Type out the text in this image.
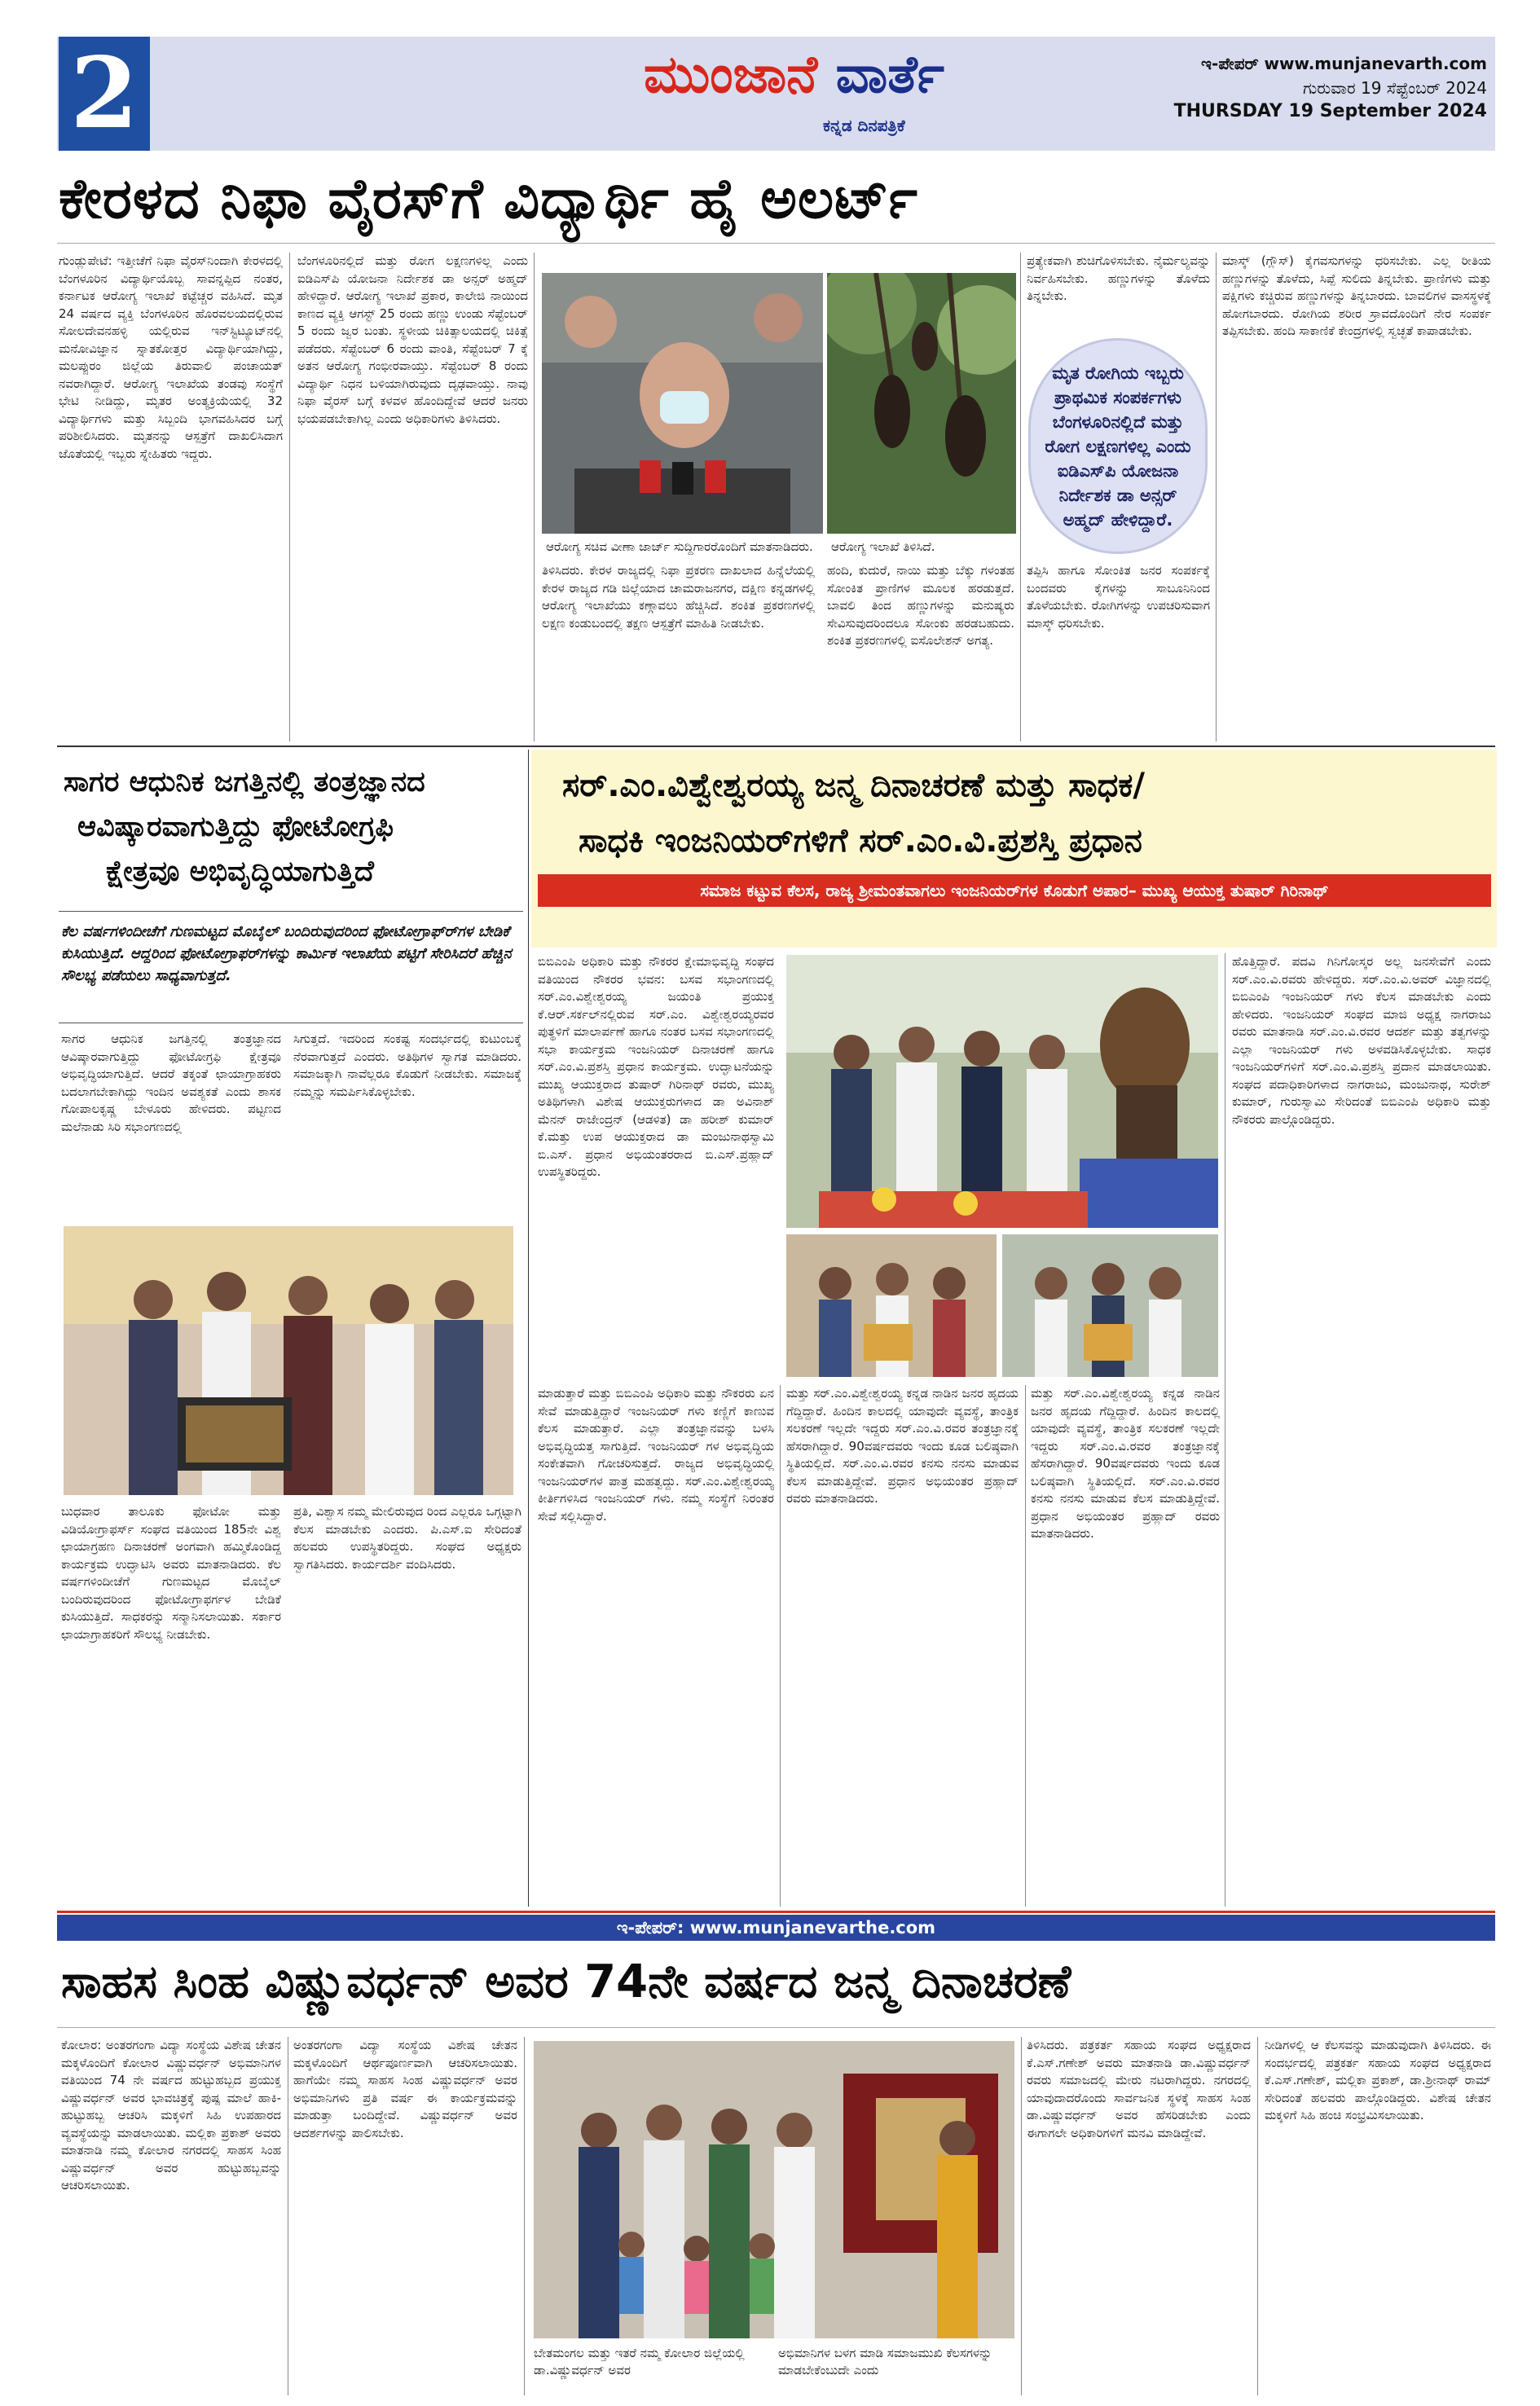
2	ಮುಂಜಾನೆ ವಾರ್ತೆ
ಕನ್ನಡ ದಿನಪತ್ರಿಕೆ
ಇ-ಪೇಪರ್ www.munjanevarth.com
ಗುರುವಾರ 19 ಸೆಪ್ಟೆಂಬರ್ 2024
THURSDAY 19 September 2024
ಕೇರಳದ ನಿಫಾ ವೈರಸ್‌ಗೆ ವಿದ್ಯಾರ್ಥಿ ಹೈ ಅಲರ್ಟ್
ಗುಂಡ್ಲುಪೇಟೆ: ಇತ್ತೀಚೆಗೆ ನಿಫಾ ವೈರಸ್‌ನಿಂದಾಗಿ ಕೇರಳದಲ್ಲಿ ಬೆಂಗಳೂರಿನ ವಿದ್ಯಾರ್ಥಿಯೊಬ್ಬ ಸಾವನ್ನಪ್ಪಿದ ನಂತರ, ಕರ್ನಾಟಕ ಆರೋಗ್ಯ ಇಲಾಖೆ ಕಟ್ಟೆಚ್ಚರ ವಹಿಸಿದೆ. ಮೃತ 24 ವರ್ಷದ ವ್ಯಕ್ತಿ ಬೆಂಗಳೂರಿನ ಹೊರವಲಯದಲ್ಲಿರುವ ಸೋಲದೇವನಹಳ್ಳಿ ಯಲ್ಲಿರುವ ಇನ್‌ಸ್ಟಿಟ್ಯೂಟ್‌ನಲ್ಲಿ ಮನೋವಿಜ್ಞಾನ ಸ್ನಾತಕೋತ್ತರ ವಿದ್ಯಾರ್ಥಿಯಾಗಿದ್ದು, ಮಲಪ್ಪುರಂ ಜಿಲ್ಲೆಯ ತಿರುವಾಲಿ ಪಂಚಾಯತ್ ನವರಾಗಿದ್ದಾರೆ. ಆರೋಗ್ಯ ಇಲಾಖೆಯ ತಂಡವು ಸಂಸ್ಥೆಗೆ ಭೇಟಿ ನೀಡಿದ್ದು, ಮೃತರ ಅಂತ್ಯಕ್ರಿಯೆಯಲ್ಲಿ 32 ವಿದ್ಯಾರ್ಥಿಗಳು ಮತ್ತು ಸಿಬ್ಬಂದಿ ಭಾಗವಹಿಸಿದರ ಬಗ್ಗೆ ಪರಿಶೀಲಿಸಿದರು. ಮೃತನನ್ನು ಆಸ್ಪತ್ರೆಗೆ ದಾಖಲಿಸಿದಾಗ ಜೊತೆಯಲ್ಲಿ ಇಬ್ಬರು ಸ್ನೇಹಿತರು ಇದ್ದರು.
ಬೆಂಗಳೂರಿನಲ್ಲಿದೆ ಮತ್ತು ರೋಗ ಲಕ್ಷಣಗಳಿಲ್ಲ ಎಂದು ಐಡಿಎಸ್‌ಪಿ ಯೋಜನಾ ನಿರ್ದೇಶಕ ಡಾ ಅನ್ಸರ್ ಅಹ್ಮದ್ ಹೇಳಿದ್ದಾರೆ. ಆರೋಗ್ಯ ಇಲಾಖೆ ಪ್ರಕಾರ, ಕಾಲೇಜಿ ನಾಯಿಂದ ಕಾಣದ ವ್ಯಕ್ತಿ ಆಗಸ್ಟ್ 25 ರಂದು ಹಣ್ಣು ಉಂಡು ಸೆಪ್ಟೆಂಬರ್ 5 ರಂದು ಜ್ವರ ಬಂತು. ಸ್ಥಳೀಯ ಚಿಕಿತ್ಸಾಲಯದಲ್ಲಿ ಚಿಕಿತ್ಸೆ ಪಡೆದರು. ಸೆಪ್ಟೆಂಬರ್ 6 ರಂದು ವಾಂತಿ, ಸೆಪ್ಟೆಂಬರ್ 7 ಕ್ಕೆ ಅತನ ಆರೋಗ್ಯ ಗಂಭೀರವಾಯ್ತು. ಸೆಪ್ಟೆಂಬರ್ 8 ರಂದು ವಿದ್ಯಾರ್ಥಿ ನಿಧನ ಬಳಿಯಾಗಿರುವುದು ದೃಢವಾಯ್ತು. ನಾವು ನಿಫಾ ವೈರಸ್ ಬಗ್ಗೆ ಕಳವಳ ಹೊಂದಿದ್ದೇವೆ ಆದರೆ ಜನರು ಭಯಪಡಬೇಕಾಗಿಲ್ಲ ಎಂದು ಅಧಿಕಾರಿಗಳು ತಿಳಿಸಿದರು.
ಆರೋಗ್ಯ ಸಚಿವ ವೀಣಾ ಜಾರ್ಜ್ ಸುದ್ದಿಗಾರರೊಂದಿಗೆ ಮಾತನಾಡಿದರು. ಆರೋಗ್ಯ ಇಲಾಖೆ ತಿಳಿಸಿದೆ.
ತಿಳಿಸಿದರು. ಕೇರಳ ರಾಜ್ಯದಲ್ಲಿ ನಿಫಾ ಪ್ರಕರಣ ದಾಖಲಾದ ಹಿನ್ನೆಲೆಯಲ್ಲಿ ಕೇರಳ ರಾಜ್ಯದ ಗಡಿ ಜಿಲ್ಲೆಯಾದ ಚಾಮರಾಜನಗರ, ದಕ್ಷಿಣ ಕನ್ನಡಗಳಲ್ಲಿ ಆರೋಗ್ಯ ಇಲಾಖೆಯು ಕಣ್ಗಾವಲು ಹೆಚ್ಚಿಸಿದೆ. ಶಂಕಿತ ಪ್ರಕರಣಗಳಲ್ಲಿ ಲಕ್ಷಣ ಕಂಡುಬಂದಲ್ಲಿ ತಕ್ಷಣ ಆಸ್ಪತ್ರೆಗೆ ಮಾಹಿತಿ ನೀಡಬೇಕು.
ಹಂದಿ, ಕುದುರೆ, ನಾಯಿ ಮತ್ತು ಬೆಕ್ಕು ಗಳಂತಹ ಸೋಂಕಿತ ಪ್ರಾಣಿಗಳ ಮೂಲಕ ಹರಡುತ್ತದೆ. ಬಾವಲಿ ತಿಂದ ಹಣ್ಣುಗಳನ್ನು ಮನುಷ್ಯರು ಸೇವಿಸುವುದರಿಂದಲೂ ಸೋಂಕು ಹರಡಬಹುದು. ಶಂಕಿತ ಪ್ರಕರಣಗಳಲ್ಲಿ ಐಸೊಲೇಶನ್ ಅಗತ್ಯ.
ಪ್ರತ್ಯೇಕವಾಗಿ ಶುಚಿಗೊಳಿಸಬೇಕು. ನೈರ್ಮಲ್ಯವನ್ನು ನಿರ್ವಹಿಸಬೇಕು. ಹಣ್ಣುಗಳನ್ನು ತೊಳೆದು ತಿನ್ನಬೇಕು.
ಮೃತ ರೋಗಿಯ ಇಬ್ಬರು ಪ್ರಾಥಮಿಕ ಸಂಪರ್ಕಗಳು ಬೆಂಗಳೂರಿನಲ್ಲಿದೆ ಮತ್ತು ರೋಗ ಲಕ್ಷಣಗಳಿಲ್ಲ ಎಂದು ಐಡಿಎಸ್‌ಪಿ ಯೋಜನಾ ನಿರ್ದೇಶಕ ಡಾ ಅನ್ಸರ್ ಅಹ್ಮದ್ ಹೇಳಿದ್ದಾರೆ.
ತಪ್ಪಿಸಿ ಹಾಗೂ ಸೋಂಕಿತ ಜನರ ಸಂಪರ್ಕಕ್ಕೆ ಬಂದವರು ಕೈಗಳನ್ನು ಸಾಬೂನಿನಿಂದ ತೊಳೆಯಬೇಕು. ರೋಗಿಗಳನ್ನು ಉಪಚರಿಸುವಾಗ ಮಾಸ್ಕ್ ಧರಿಸಬೇಕು.
ಮಾಸ್ಕ್ (ಗ್ಲೌಸ್) ಕೈಗವಸುಗಳನ್ನು ಧರಿಸಬೇಕು. ಎಲ್ಲ ರೀತಿಯ ಹಣ್ಣುಗಳನ್ನು ತೊಳೆದು, ಸಿಪ್ಪೆ ಸುಲಿದು ತಿನ್ನಬೇಕು. ಪ್ರಾಣಿಗಳು ಮತ್ತು ಪಕ್ಷಿಗಳು ಕಚ್ಚಿರುವ ಹಣ್ಣುಗಳನ್ನು ತಿನ್ನಬಾರದು. ಬಾವಲಿಗಳ ವಾಸಸ್ಥಳಕ್ಕೆ ಹೋಗಬಾರದು. ರೋಗಿಯ ಶರೀರ ಸ್ರಾವದೊಂದಿಗೆ ನೇರ ಸಂಪರ್ಕ ತಪ್ಪಿಸಬೇಕು. ಹಂದಿ ಸಾಕಾಣಿಕೆ ಕೇಂದ್ರಗಳಲ್ಲಿ ಸ್ವಚ್ಛತೆ ಕಾಪಾಡಬೇಕು.
ಸಾಗರ ಆಧುನಿಕ ಜಗತ್ತಿನಲ್ಲಿ ತಂತ್ರಜ್ಞಾನದ
ಆವಿಷ್ಕಾರವಾಗುತ್ತಿದ್ದು ಫೋಟೋಗ್ರಫಿ
ಕ್ಷೇತ್ರವೂ ಅಭಿವೃದ್ಧಿಯಾಗುತ್ತಿದೆ
ಕೆಲ ವರ್ಷಗಳಿಂದೀಚೆಗೆ ಗುಣಮಟ್ಟದ ಮೊಬೈಲ್ ಬಂದಿರುವುದರಿಂದ ಫೋಟೋಗ್ರಾಫ್‌ರ್‌ಗಳ ಬೇಡಿಕೆ ಕುಸಿಯುತ್ತಿದೆ. ಆದ್ದರಿಂದ ಫೋಟೋಗ್ರಾಫರ್‌ಗಳನ್ನು ಕಾರ್ಮಿಕ ಇಲಾಖೆಯ ಪಟ್ಟಿಗೆ ಸೇರಿಸಿದರೆ ಹೆಚ್ಚಿನ ಸೌಲಭ್ಯ ಪಡೆಯಲು ಸಾಧ್ಯವಾಗುತ್ತದೆ.
ಸಾಗರ ಆಧುನಿಕ ಜಗತ್ತಿನಲ್ಲಿ ತಂತ್ರಜ್ಞಾನದ ಆವಿಷ್ಕಾರವಾಗುತ್ತಿದ್ದು ಫೋಟೋಗ್ರಫಿ ಕ್ಷೇತ್ರವೂ ಅಭಿವೃದ್ಧಿಯಾಗುತ್ತಿದೆ. ಆದರೆ ತಕ್ಕಂತೆ ಛಾಯಾಗ್ರಾಹಕರು ಬದಲಾಗಬೇಕಾಗಿದ್ದು ಇಂದಿನ ಅವಶ್ಯಕತೆ ಎಂದು ಶಾಸಕ ಗೋಪಾಲಕೃಷ್ಣ ಬೇಳೂರು ಹೇಳಿದರು. ಪಟ್ಟಣದ ಮಲೆನಾಡು ಸಿರಿ ಸಭಾಂಗಣದಲ್ಲಿ
ಸಿಗುತ್ತದೆ. ಇದರಿಂದ ಸಂಕಷ್ಟ ಸಂದರ್ಭದಲ್ಲಿ ಕುಟುಂಬಕ್ಕೆ ನೆರವಾಗುತ್ತದೆ ಎಂದರು. ಅತಿಥಿಗಳ ಸ್ವಾಗತ ಮಾಡಿದರು. ಸಮಾಜಕ್ಕಾಗಿ ನಾವೆಲ್ಲರೂ ಕೊಡುಗೆ ನೀಡಬೇಕು. ಸಮಾಜಕ್ಕೆ ನಮ್ಮನ್ನು ಸಮರ್ಪಿಸಿಕೊಳ್ಳಬೇಕು.
ಬುಧವಾರ ತಾಲೂಕು ಫೋಟೋ ಮತ್ತು ವಿಡಿಯೋಗ್ರಾಫರ್ಸ್ ಸಂಘದ ವತಿಯಿಂದ 185ನೇ ವಿಶ್ವ ಛಾಯಾಗ್ರಹಣ ದಿನಾಚರಣೆ ಅಂಗವಾಗಿ ಹಮ್ಮಿಕೊಂಡಿದ್ದ ಕಾರ್ಯಕ್ರಮ ಉದ್ಘಾಟಿಸಿ ಅವರು ಮಾತನಾಡಿದರು. ಕೆಲ ವರ್ಷಗಳಿಂದೀಚೆಗೆ ಗುಣಮಟ್ಟದ ಮೊಬೈಲ್ ಬಂದಿರುವುದರಿಂದ ಫೋಟೋಗ್ರಾಫರ್ಗಳ ಬೇಡಿಕೆ ಕುಸಿಯುತ್ತಿದೆ. ಸಾಧಕರನ್ನು ಸನ್ಮಾನಿಸಲಾಯಿತು. ಸರ್ಕಾರ ಛಾಯಾಗ್ರಾಹಕರಿಗೆ ಸೌಲಭ್ಯ ನೀಡಬೇಕು.
ಪ್ರತಿ, ವಿಶ್ವಾಸ ನಮ್ಮ ಮೇಲಿರುವುದ ರಿಂದ ಎಲ್ಲರೂ ಒಗ್ಗಟ್ಟಾಗಿ ಕೆಲಸ ಮಾಡಬೇಕು ಎಂದರು. ಪಿ.ಎಸ್.ಐ ಸೇರಿದಂತೆ ಹಲವರು ಉಪಸ್ಥಿತರಿದ್ದರು. ಸಂಘದ ಅಧ್ಯಕ್ಷರು ಸ್ವಾಗತಿಸಿದರು. ಕಾರ್ಯದರ್ಶಿ ವಂದಿಸಿದರು.
ಸರ್.ಎಂ.ವಿಶ್ವೇಶ್ವರಯ್ಯ ಜನ್ಮ ದಿನಾಚರಣೆ ಮತ್ತು ಸಾಧಕ/
ಸಾಧಕಿ ಇಂಜನಿಯರ್‌ಗಳಿಗೆ ಸರ್.ಎಂ.ವಿ.ಪ್ರಶಸ್ತಿ ಪ್ರಧಾನ
ಸಮಾಜ ಕಟ್ಟುವ ಕೆಲಸ, ರಾಜ್ಯ ಶ್ರೀಮಂತವಾಗಲು ಇಂಜನಿಯರ್‌ಗಳ ಕೊಡುಗೆ ಅಪಾರ– ಮುಖ್ಯ ಆಯುಕ್ತ ತುಷಾರ್ ಗಿರಿನಾಥ್
ಬಿಬಿಎಂಪಿ ಅಧಿಕಾರಿ ಮತ್ತು ನೌಕರರ ಕ್ಷೇಮಾಭಿವೃದ್ಧಿ ಸಂಘದ ವತಿಯಿಂದ ನೌಕರರ ಭವನ: ಬಸವ ಸಭಾಂಗಣದಲ್ಲಿ ಸರ್.ಎಂ.ವಿಶ್ವೇಶ್ವರಯ್ಯ ಜಯಂತಿ ಪ್ರಯುಕ್ತ ಕೆ.ಆರ್.ಸರ್ಕಲ್‌ನಲ್ಲಿರುವ ಸರ್.ಎಂ. ವಿಶ್ವೇಶ್ವರಯ್ಯರವರ ಪುತ್ಥಳಿಗೆ ಮಾಲಾರ್ಪಣೆ ಹಾಗೂ ನಂತರ ಬಸವ ಸಭಾಂಗಣದಲ್ಲಿ ಸಭಾ ಕಾರ್ಯಕ್ರಮ ಇಂಜನಿಯರ್ ದಿನಾಚರಣೆ ಹಾಗೂ ಸರ್.ಎಂ.ವಿ.ಪ್ರಶಸ್ತಿ ಪ್ರಧಾನ ಕಾರ್ಯಕ್ರಮ. ಉದ್ಘಾಟನೆಯನ್ನು ಮುಖ್ಯ ಆಯುಕ್ತರಾದ ತುಷಾರ್ ಗಿರಿನಾಥ್ ರವರು, ಮುಖ್ಯ ಅತಿಥಿಗಳಾಗಿ ವಿಶೇಷ ಆಯುಕ್ತರುಗಳಾದ ಡಾ ಅವಿನಾಶ್ ಮೆನನ್ ರಾಜೇಂದ್ರನ್ (ಆಡಳಿತ) ಡಾ ಹರೀಶ್ ಕುಮಾರ್ ಕೆ.ಮತ್ತು ಉಪ ಆಯುಕ್ತರಾದ ಡಾ ಮಂಜುನಾಥಸ್ವಾಮಿ ಬಿ.ಎಸ್. ಪ್ರಧಾನ ಅಭಿಯಂತರರಾದ ಬಿ.ಎಸ್.ಪ್ರಹ್ಲಾದ್ ಉಪಸ್ಥಿತರಿದ್ದರು.
ಮಾಡುತ್ತಾರೆ ಮತ್ತು ಬಿಬಿಎಂಪಿ ಅಧಿಕಾರಿ ಮತ್ತು ನೌಕರರು ಏನ ಸೇವೆ ಮಾಡುತ್ತಿದ್ದಾರೆ ಇಂಜನಿಯರ್ ಗಳು ಕಣ್ಣಿಗೆ ಕಾಣುವ ಕೆಲಸ ಮಾಡುತ್ತಾರೆ. ಎಲ್ಲಾ ತಂತ್ರಜ್ಞಾನವನ್ನು ಬಳಸಿ ಅಭಿವೃದ್ಧಿಯತ್ತ ಸಾಗುತ್ತಿದೆ. ಇಂಜನಿಯರ್ ಗಳ ಅಭಿವೃದ್ಧಿಯ ಸಂಕೇತವಾಗಿ ಗೋಚರಿಸುತ್ತದೆ. ರಾಜ್ಯದ ಅಭಿವೃದ್ಧಿಯಲ್ಲಿ ಇಂಜನಿಯರ್‌ಗಳ ಪಾತ್ರ ಮಹತ್ವದ್ದು. ಸರ್.ಎಂ.ವಿಶ್ವೇಶ್ವರಯ್ಯ ಕೀರ್ತಿಗಳಿಸಿದ ಇಂಜನಿಯರ್ ಗಳು. ನಮ್ಮ ಸಂಸ್ಥೆಗೆ ನಿರಂತರ ಸೇವೆ ಸಲ್ಲಿಸಿದ್ದಾರೆ.
ಮತ್ತು ಸರ್.ಎಂ.ವಿಶ್ವೇಶ್ವರಯ್ಯ ಕನ್ನಡ ನಾಡಿನ ಜನರ ಹೃದಯ ಗೆದ್ದಿದ್ದಾರೆ. ಹಿಂದಿನ ಕಾಲದಲ್ಲಿ ಯಾವುದೇ ವ್ಯವಸ್ಥೆ, ತಾಂತ್ರಿಕ ಸಲಕರಣೆ ಇಲ್ಲದೇ ಇದ್ದರು ಸರ್.ಎಂ.ವಿ.ರವರ ತಂತ್ರಜ್ಞಾನಕ್ಕೆ ಹೆಸರಾಗಿದ್ದಾರೆ. 90ವರ್ಷದವರು ಇಂದು ಕೂಡ ಬಲಿಷ್ಠವಾಗಿ ಸ್ಥಿತಿಯಲ್ಲಿದೆ. ಸರ್.ಎಂ.ವಿ.ರವರ ಕನಸು ನನಸು ಮಾಡುವ ಕೆಲಸ ಮಾಡುತ್ತಿದ್ದೇವೆ. ಪ್ರಧಾನ ಅಭಿಯಂತರ ಪ್ರಹ್ಲಾದ್ ರವರು ಮಾತನಾಡಿದರು.
ಹೊತ್ತಿದ್ದಾರೆ. ಪದವಿ ಗಿನಿಗೋಸ್ಕರ ಅಲ್ಲ ಜನಸೇವೆಗೆ ಎಂದು ಸರ್.ಎಂ.ವಿ.ರವರು ಹೇಳಿದ್ದರು. ಸರ್.ಎಂ.ವಿ.ಅವರ್ ವಿಜ್ಞಾನದಲ್ಲಿ ಬಿಬಿಎಂಪಿ ಇಂಜನಿಯರ್ ಗಳು ಕೆಲಸ ಮಾಡಬೇಕು ಎಂದು ಹೇಳಿದರು. ಇಂಜನಿಯರ್ ಸಂಘದ ಮಾಜಿ ಅಧ್ಯಕ್ಷ ನಾಗರಾಜು ರವರು ಮಾತನಾಡಿ ಸರ್.ಎಂ.ವಿ.ರವರ ಆದರ್ಶ ಮತ್ತು ತತ್ವಗಳನ್ನು ಎಲ್ಲಾ ಇಂಜನಿಯರ್ ಗಳು ಅಳವಡಿಸಿಕೊಳ್ಳಬೇಕು. ಸಾಧಕ ಇಂಜನಿಯರ್‌ಗಳಿಗೆ ಸರ್.ಎಂ.ವಿ.ಪ್ರಶಸ್ತಿ ಪ್ರದಾನ ಮಾಡಲಾಯಿತು. ಸಂಘದ ಪದಾಧಿಕಾರಿಗಳಾದ ನಾಗರಾಜು, ಮಂಜುನಾಥ, ಸುರೇಶ್ ಕುಮಾರ್, ಗುರುಸ್ವಾಮಿ ಸೇರಿದಂತೆ ಬಿಬಿಎಂಪಿ ಅಧಿಕಾರಿ ಮತ್ತು ನೌಕರರು ಪಾಲ್ಗೊಂಡಿದ್ದರು.
ಮತ್ತು ಸರ್.ಎಂ.ವಿಶ್ವೇಶ್ವರಯ್ಯ ಕನ್ನಡ ನಾಡಿನ ಜನರ ಹೃದಯ ಗೆದ್ದಿದ್ದಾರೆ. ಹಿಂದಿನ ಕಾಲದಲ್ಲಿ ಯಾವುದೇ ವ್ಯವಸ್ಥೆ, ತಾಂತ್ರಿಕ ಸಲಕರಣೆ ಇಲ್ಲದೇ ಇದ್ದರು ಸರ್.ಎಂ.ವಿ.ರವರ ತಂತ್ರಜ್ಞಾನಕ್ಕೆ ಹೆಸರಾಗಿದ್ದಾರೆ. 90ವರ್ಷದವರು ಇಂದು ಕೂಡ ಬಲಿಷ್ಠವಾಗಿ ಸ್ಥಿತಿಯಲ್ಲಿದೆ. ಸರ್.ಎಂ.ವಿ.ರವರ ಕನಸು ನನಸು ಮಾಡುವ ಕೆಲಸ ಮಾಡುತ್ತಿದ್ದೇವೆ. ಪ್ರಧಾನ ಅಭಿಯಂತರ ಪ್ರಹ್ಲಾದ್ ರವರು ಮಾತನಾಡಿದರು.
ಇ-ಪೇಪರ್: www.munjanevarthe.com
ಸಾಹಸ ಸಿಂಹ ವಿಷ್ಣುವರ್ಧನ್ ಅವರ 74ನೇ ವರ್ಷದ ಜನ್ಮ ದಿನಾಚರಣೆ
ಕೋಲಾರ: ಅಂತರಗಂಗಾ ವಿದ್ಯಾ ಸಂಸ್ಥೆಯ ವಿಶೇಷ ಚೇತನ ಮಕ್ಕಳೊಂದಿಗೆ ಕೋಲಾರ ವಿಷ್ಣುವರ್ಧನ್ ಅಭಿಮಾನಿಗಳ ವತಿಯಿಂದ 74 ನೇ ವರ್ಷದ ಹುಟ್ಟುಹಬ್ಬದ ಪ್ರಯುಕ್ತ ವಿಷ್ಣುವರ್ಧನ್ ಅವರ ಭಾವಚಿತ್ರಕ್ಕೆ ಪುಷ್ಪ ಮಾಲೆ ಹಾಕಿ- ಹುಟ್ಟುಹಬ್ಬ ಆಚರಿಸಿ ಮಕ್ಕಳಿಗೆ ಸಿಹಿ ಉಪಹಾರದ ವ್ಯವಸ್ಥೆಯನ್ನು ಮಾಡಲಾಯಿತು. ಮಲ್ಲಿಕಾ ಪ್ರಕಾಶ್ ಅವರು ಮಾತನಾಡಿ ನಮ್ಮ ಕೋಲಾರ ನಗರದಲ್ಲಿ ಸಾಹಸ ಸಿಂಹ ವಿಷ್ಣುವರ್ಧನ್ ಅವರ ಹುಟ್ಟುಹಬ್ಬವನ್ನು ಆಚರಿಸಲಾಯಿತು.
ಅಂತರಗಂಗಾ ವಿದ್ಯಾ ಸಂಸ್ಥೆಯ ವಿಶೇಷ ಚೇತನ ಮಕ್ಕಳೊಂದಿಗೆ ಆರ್ಥಪೂರ್ಣವಾಗಿ ಆಚರಿಸಲಾಯಿತು. ಹಾಗೆಯೇ ನಮ್ಮ ಸಾಹಸ ಸಿಂಹ ವಿಷ್ಣುವರ್ಧನ್ ಅವರ ಅಭಿಮಾನಿಗಳು ಪ್ರತಿ ವರ್ಷ ಈ ಕಾರ್ಯಕ್ರಮವನ್ನು ಮಾಡುತ್ತಾ ಬಂದಿದ್ದೇವೆ. ವಿಷ್ಣುವರ್ಧನ್ ಅವರ ಆದರ್ಶಗಳನ್ನು ಪಾಲಿಸಬೇಕು.
ಬೇತಮಂಗಲ ಮತ್ತು ಇತರೆ ನಮ್ಮ ಕೋಲಾರ ಜಿಲ್ಲೆಯಲ್ಲಿ ಡಾ.ವಿಷ್ಣುವರ್ಧನ್ ಅವರ
ಅಭಿಮಾನಿಗಳ ಬಳಗ ಮಾಡಿ ಸಮಾಜಮುಖಿ ಕೆಲಸಗಳನ್ನು ಮಾಡಬೇಕೆಂಬುದೇ ಎಂದು
ತಿಳಿಸಿದರು. ಪತ್ರಕರ್ತ ಸಹಾಯ ಸಂಘದ ಅಧ್ಯಕ್ಷರಾದ ಕೆ.ಎಸ್.ಗಣೇಶ್ ಅವರು ಮಾತನಾಡಿ ಡಾ.ವಿಷ್ಣುವರ್ಧನ್ ರವರು ಸಮಾಜದಲ್ಲಿ ಮೇರು ನಟರಾಗಿದ್ದರು. ನಗರದಲ್ಲಿ ಯಾವುದಾದರೊಂದು ಸಾರ್ವಜನಿಕ ಸ್ಥಳಕ್ಕೆ ಸಾಹಸ ಸಿಂಹ ಡಾ.ವಿಷ್ಣುವರ್ಧನ್ ಅವರ ಹೆಸರಿಡಬೇಕು ಎಂದು ಈಗಾಗಲೇ ಅಧಿಕಾರಿಗಳಿಗೆ ಮನವಿ ಮಾಡಿದ್ದೇವೆ.
ನೀಡಿಗಳಲ್ಲಿ ಆ ಕೆಲಸವನ್ನು ಮಾಡುವುದಾಗಿ ತಿಳಿಸಿದರು. ಈ ಸಂದರ್ಭದಲ್ಲಿ ಪತ್ರಕರ್ತ ಸಹಾಯ ಸಂಘದ ಅಧ್ಯಕ್ಷರಾದ ಕೆ.ಎಸ್.ಗಣೇಶ್, ಮಲ್ಲಿಕಾ ಪ್ರಕಾಶ್, ಡಾ.ಶ್ರೀನಾಥ್ ರಾಮ್ ಸೇರಿದಂತೆ ಹಲವರು ಪಾಲ್ಗೊಂಡಿದ್ದರು. ವಿಶೇಷ ಚೇತನ ಮಕ್ಕಳಿಗೆ ಸಿಹಿ ಹಂಚಿ ಸಂಭ್ರಮಿಸಲಾಯಿತು.
